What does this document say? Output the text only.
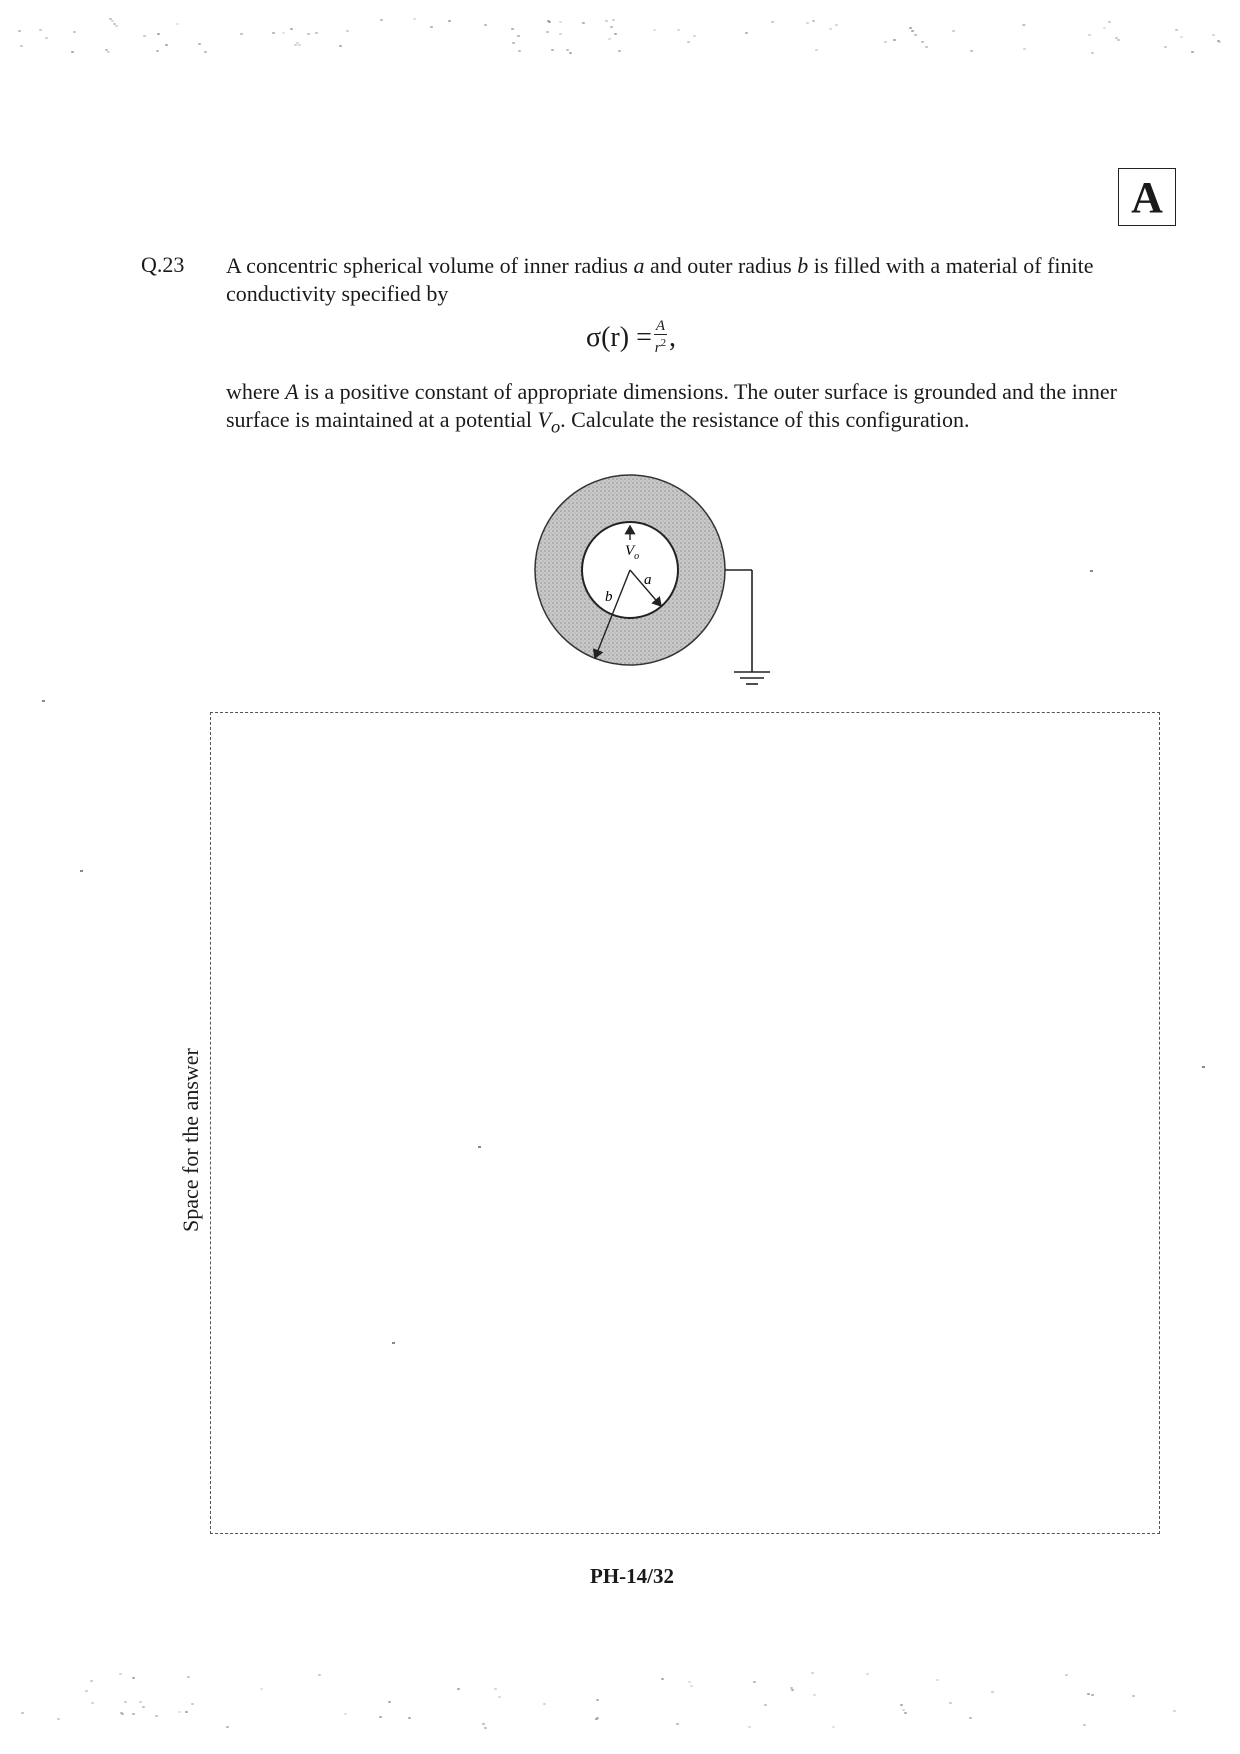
A
Q.23 A concentric spherical volume of inner radius a and outer radius b is filled with a material of finite conductivity specified by
$\sigma(r) = \frac{A}{r^2}$ ,
where A is a positive constant of appropriate dimensions. The outer surface is grounded and the inner surface is maintained at a potential $V_o$. Calculate the resistance of this configuration.
$V_o$
a
b
Space for the answer
PH-14/32
